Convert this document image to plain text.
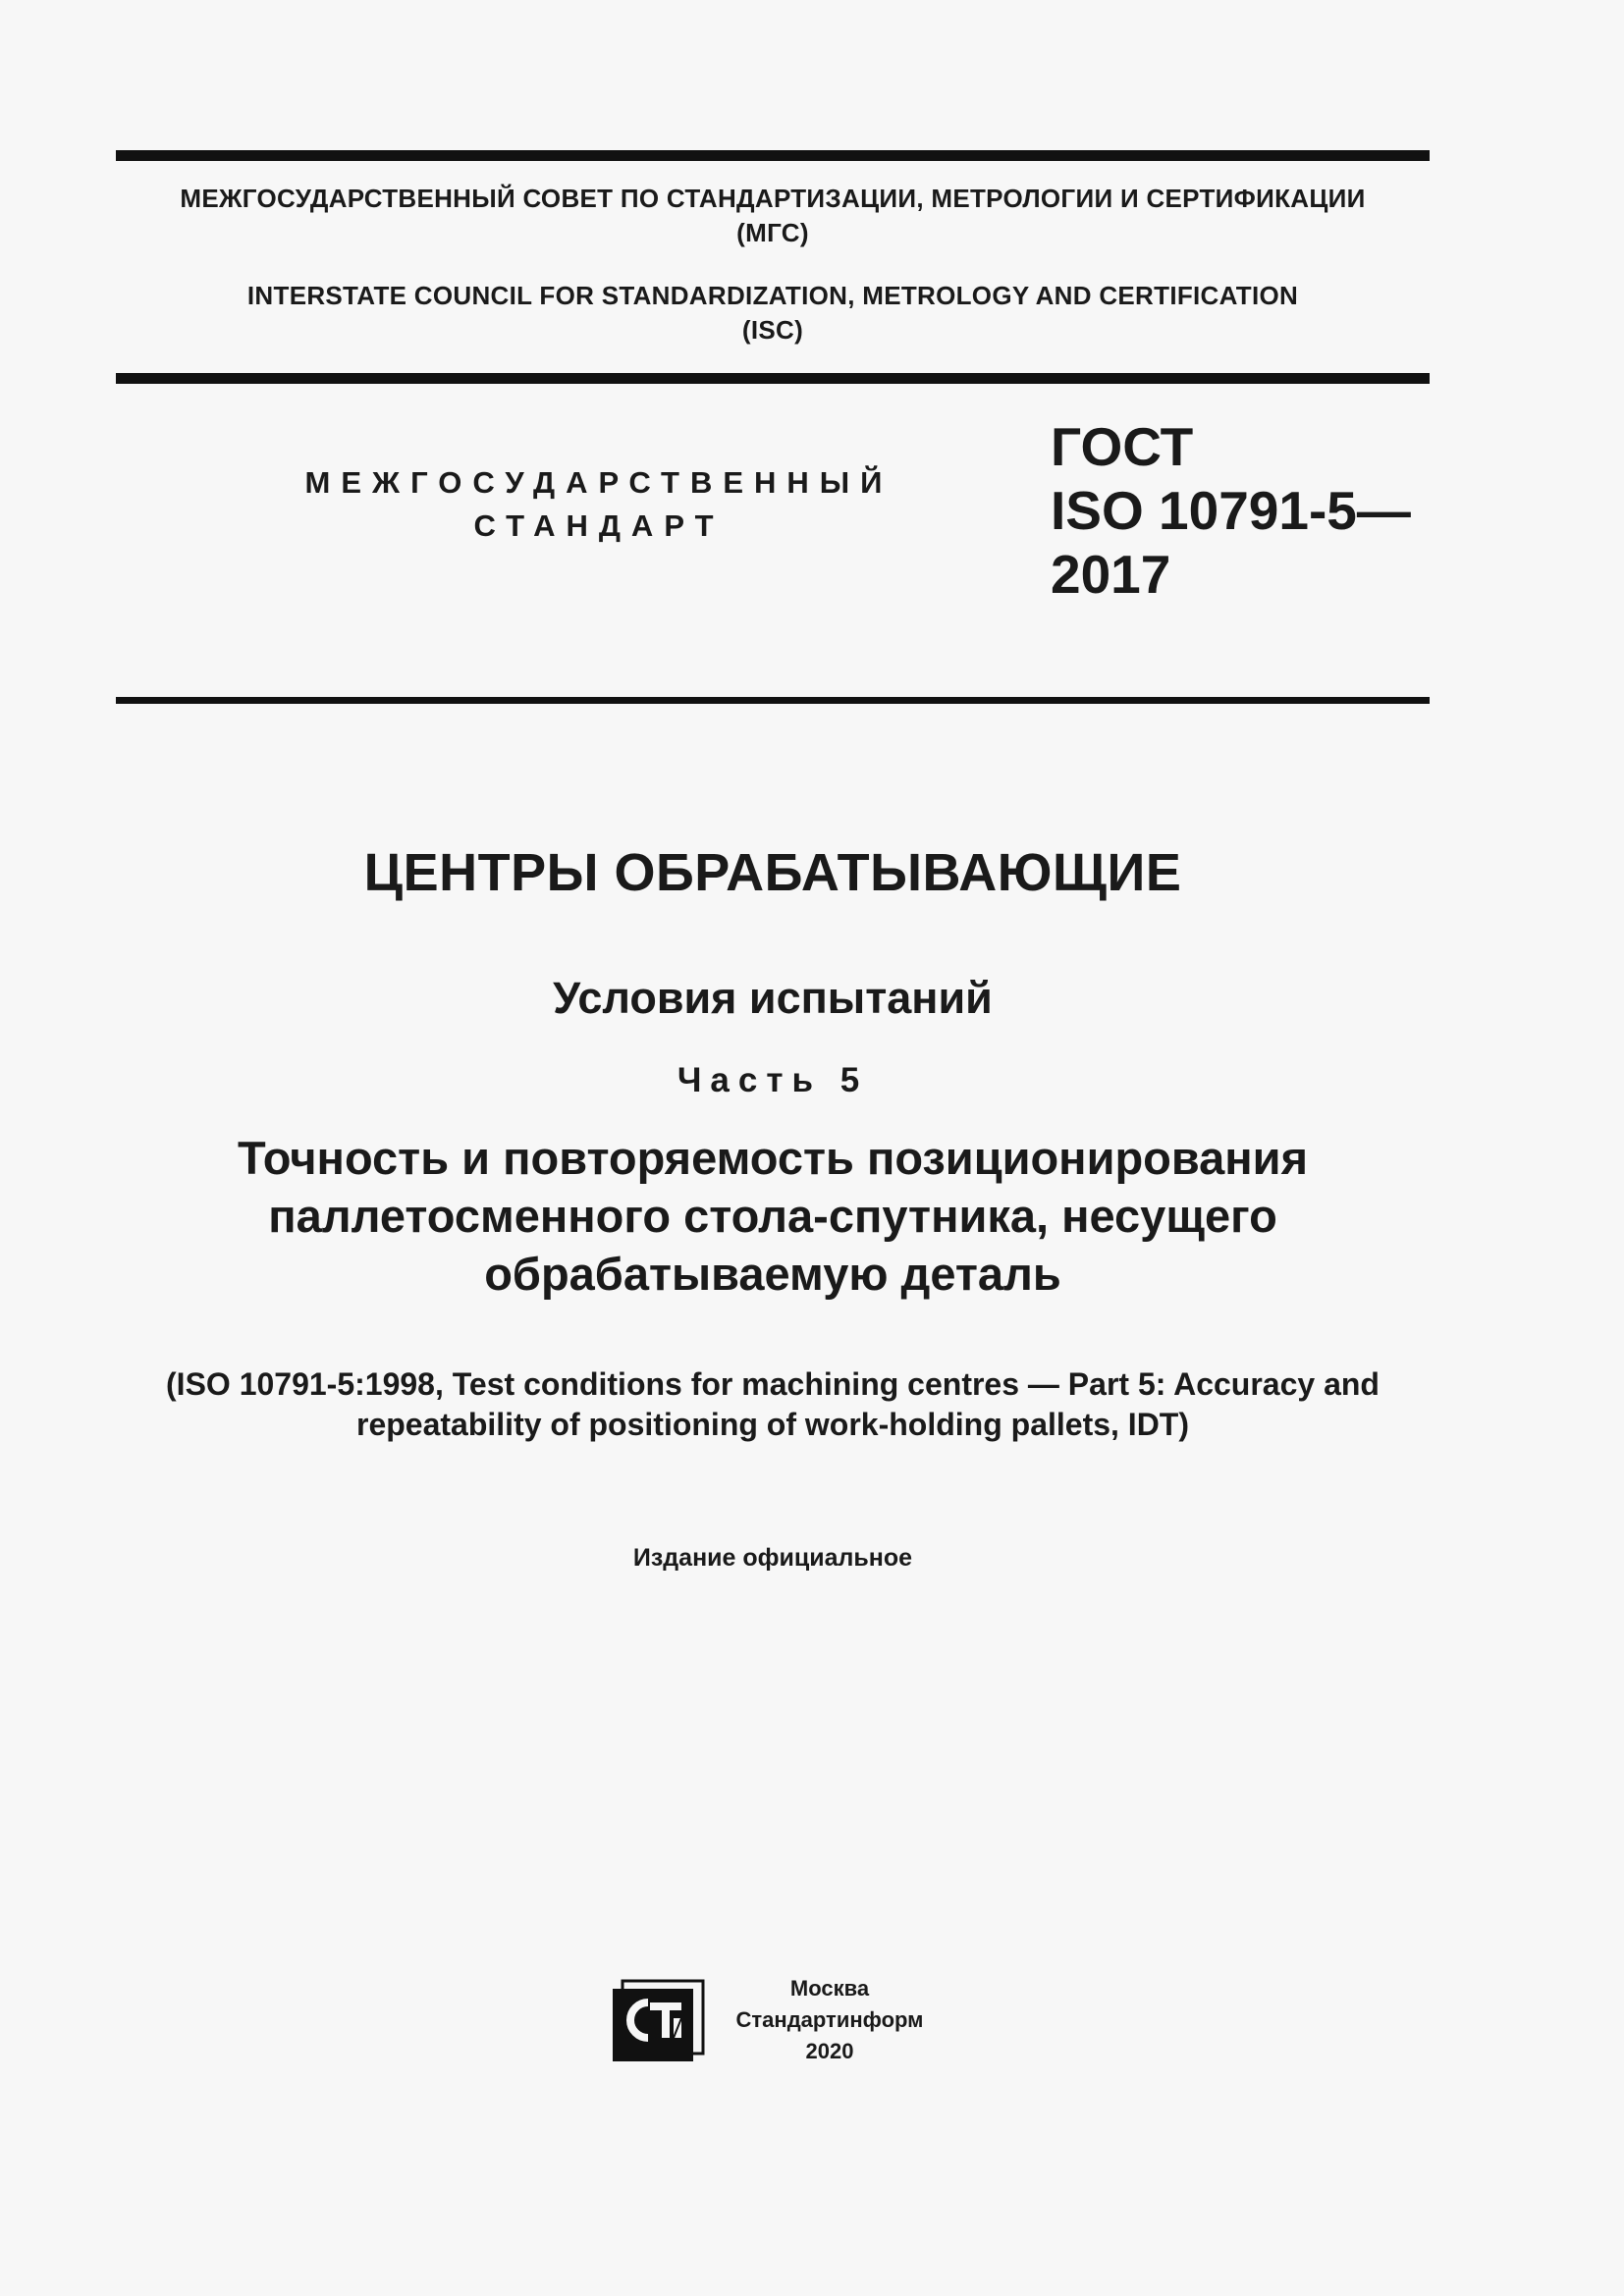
МЕЖГОСУДАРСТВЕННЫЙ СОВЕТ ПО СТАНДАРТИЗАЦИИ, МЕТРОЛОГИИ И СЕРТИФИКАЦИИ
(МГС)
INTERSTATE COUNCIL FOR STANDARDIZATION, METROLOGY AND CERTIFICATION
(ISC)
МЕЖГОСУДАРСТВЕННЫЙ
СТАНДАРТ
ГОСТ
ISO 10791-5—
2017
ЦЕНТРЫ ОБРАБАТЫВАЮЩИЕ
Условия испытаний
Часть 5
Точность и повторяемость позиционирования
паллетосменного стола-спутника, несущего
обрабатываемую деталь
(ISO 10791-5:1998, Test conditions for machining centres — Part 5: Accuracy and
repeatability of positioning of work-holding pallets, IDT)
Издание официальное
Москва
Стандартинформ
2020
